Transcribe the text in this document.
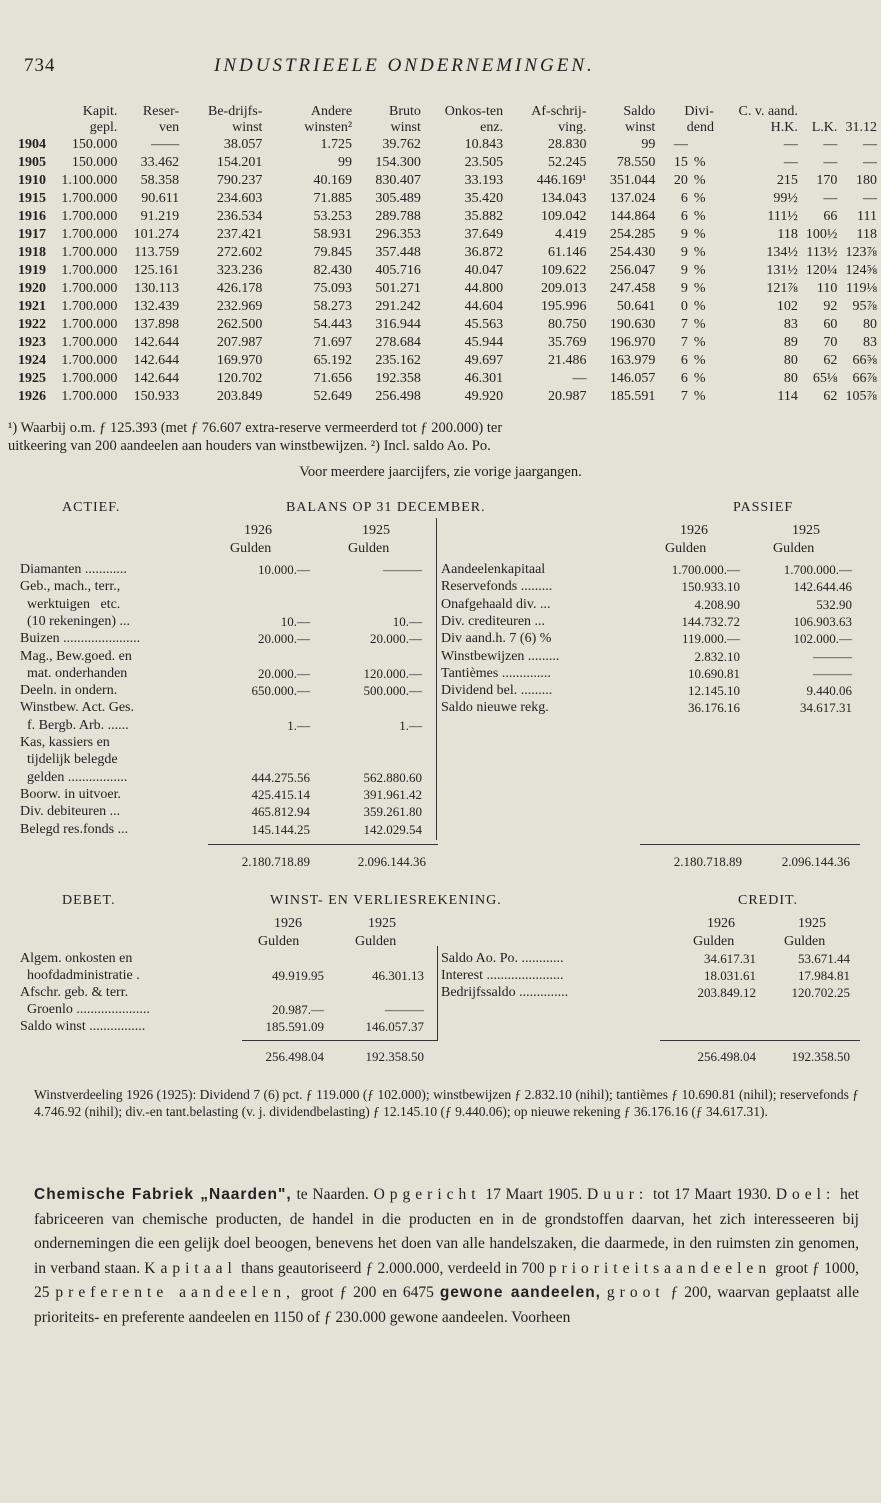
734	INDUSTRIEELE ONDERNEMINGEN.
	Kapit. gepl.	Reser-ven	Be-drijfs-winst	Andere winsten²	Bruto winst	Onkos-ten enz.	Af-schrij-ving.	Saldo winst	Divi-dend		C. v. aand. H.K.	L.K.	31.12
1904	150.000	——	38.057	1.725	39.762	10.843	28.830	99	—		—	—	—
1905	150.000	33.462	154.201	99	154.300	23.505	52.245	78.550	15	%	—	—	—
1910	1.100.000	58.358	790.237	40.169	830.407	33.193	446.169¹	351.044	20	%	215	170	180
1915	1.700.000	90.611	234.603	71.885	305.489	35.420	134.043	137.024	6	%	99½	—	—
1916	1.700.000	91.219	236.534	53.253	289.788	35.882	109.042	144.864	6	%	111½	66	111
1917	1.700.000	101.274	237.421	58.931	296.353	37.649	4.419	254.285	9	%	118	100½	118
1918	1.700.000	113.759	272.602	79.845	357.448	36.872	61.146	254.430	9	%	134½	113½	123⅞
1919	1.700.000	125.161	323.236	82.430	405.716	40.047	109.622	256.047	9	%	131½	120¼	124⅝
1920	1.700.000	130.113	426.178	75.093	501.271	44.800	209.013	247.458	9	%	121⅞	110	119⅛
1921	1.700.000	132.439	232.969	58.273	291.242	44.604	195.996	50.641	0	%	102	92	95⅞
1922	1.700.000	137.898	262.500	54.443	316.944	45.563	80.750	190.630	7	%	83	60	80
1923	1.700.000	142.644	207.987	71.697	278.684	45.944	35.769	196.970	7	%	89	70	83
1924	1.700.000	142.644	169.970	65.192	235.162	49.697	21.486	163.979	6	%	80	62	66⅝
1925	1.700.000	142.644	120.702	71.656	192.358	46.301	—	146.057	6	%	80	65⅛	66⅞
1926	1.700.000	150.933	203.849	52.649	256.498	49.920	20.987	185.591	7	%	114	62	105⅞
¹) Waarbij o.m. ƒ 125.393 (met ƒ 76.607 extra-reserve vermeerderd tot ƒ 200.000) ter
uitkeering van 200 aandeelen aan houders van winstbewijzen. ²) Incl. saldo Ao. Po.
Voor meerdere jaarcijfers, zie vorige jaargangen.
ACTIEF.	BALANS OP 31 DECEMBER.	PASSIEF
1926	1925
Gulden	Gulden
1926	1925
Gulden	Gulden
Diamanten ............	10.000.—	———
Geb., mach., terr.,
werktuigen   etc.
(10 rekeningen) ...	10.—	10.—
Buizen ......................	20.000.—	20.000.—
Mag., Bew.goed. en
mat. onderhanden	20.000.—	120.000.—
Deeln. in ondern.	650.000.—	500.000.—
Winstbew. Act. Ges.
f. Bergb. Arb. ......	1.—	1.—
Kas, kassiers en
tijdelijk belegde
gelden .................	444.275.56	562.880.60
Boorw. in uitvoer.	425.415.14	391.961.42
Div. debiteuren ...	465.812.94	359.261.80
Belegd res.fonds ...	145.144.25	142.029.54
Aandeelenkapitaal	1.700.000.—	1.700.000.—
Reservefonds .........	150.933.10	142.644.46
Onafgehaald div. ...	4.208.90	532.90
Div. crediteuren ...	144.732.72	106.903.63
Div aand.h. 7 (6) %	119.000.—	102.000.—
Winstbewijzen .........	2.832.10	———
Tantièmes ..............	10.690.81	———
Dividend bel. .........	12.145.10	9.440.06
Saldo nieuwe rekg.	36.176.16	34.617.31
2.180.718.89	2.096.144.36	2.180.718.89	2.096.144.36
DEBET.	WINST- EN VERLIESREKENING.	CREDIT.
1926	1925
Gulden	Gulden
1926	1925
Gulden	Gulden
Algem. onkosten en
hoofdadministratie .	49.919.95	46.301.13
Afschr. geb. & terr.
Groenlo .....................	20.987.—	———
Saldo winst ................	185.591.09	146.057.37
Saldo Ao. Po. ............	34.617.31	53.671.44
Interest ......................	18.031.61	17.984.81
Bedrijfssaldo ..............	203.849.12	120.702.25
256.498.04	192.358.50	256.498.04	192.358.50
Winstverdeeling 1926 (1925): Dividend 7 (6) pct. ƒ 119.000 (ƒ 102.000); winstbewijzen ƒ 2.832.10 (nihil); tantièmes ƒ 10.690.81 (nihil); reservefonds ƒ 4.746.92 (nihil); div.-en tant.belasting (v. j. dividendbelasting) ƒ 12.145.10 (ƒ 9.440.06); op nieuwe rekening ƒ 36.176.16 (ƒ 34.617.31).
Chemische Fabriek „Naarden", te Naarden. Opgericht 17 Maart 1905. Duur: tot 17 Maart 1930. Doel: het fabriceeren van chemische producten, de handel in die producten en in de grondstoffen daarvan, het zich interesseeren bij ondernemingen die een gelijk doel beoogen, benevens het doen van alle handelszaken, die daarmede, in den ruimsten zin genomen, in verband staan. Kapitaal thans geautoriseerd ƒ 2.000.000, verdeeld in 700 prioriteitsaandeelen groot ƒ 1000, 25 preferente aandeelen, groot ƒ 200 en 6475 gewone aandeelen, groot ƒ 200, waarvan geplaatst alle prioriteits- en preferente aandeelen en 1150 of ƒ 230.000 gewone aandeelen. Voorheen
